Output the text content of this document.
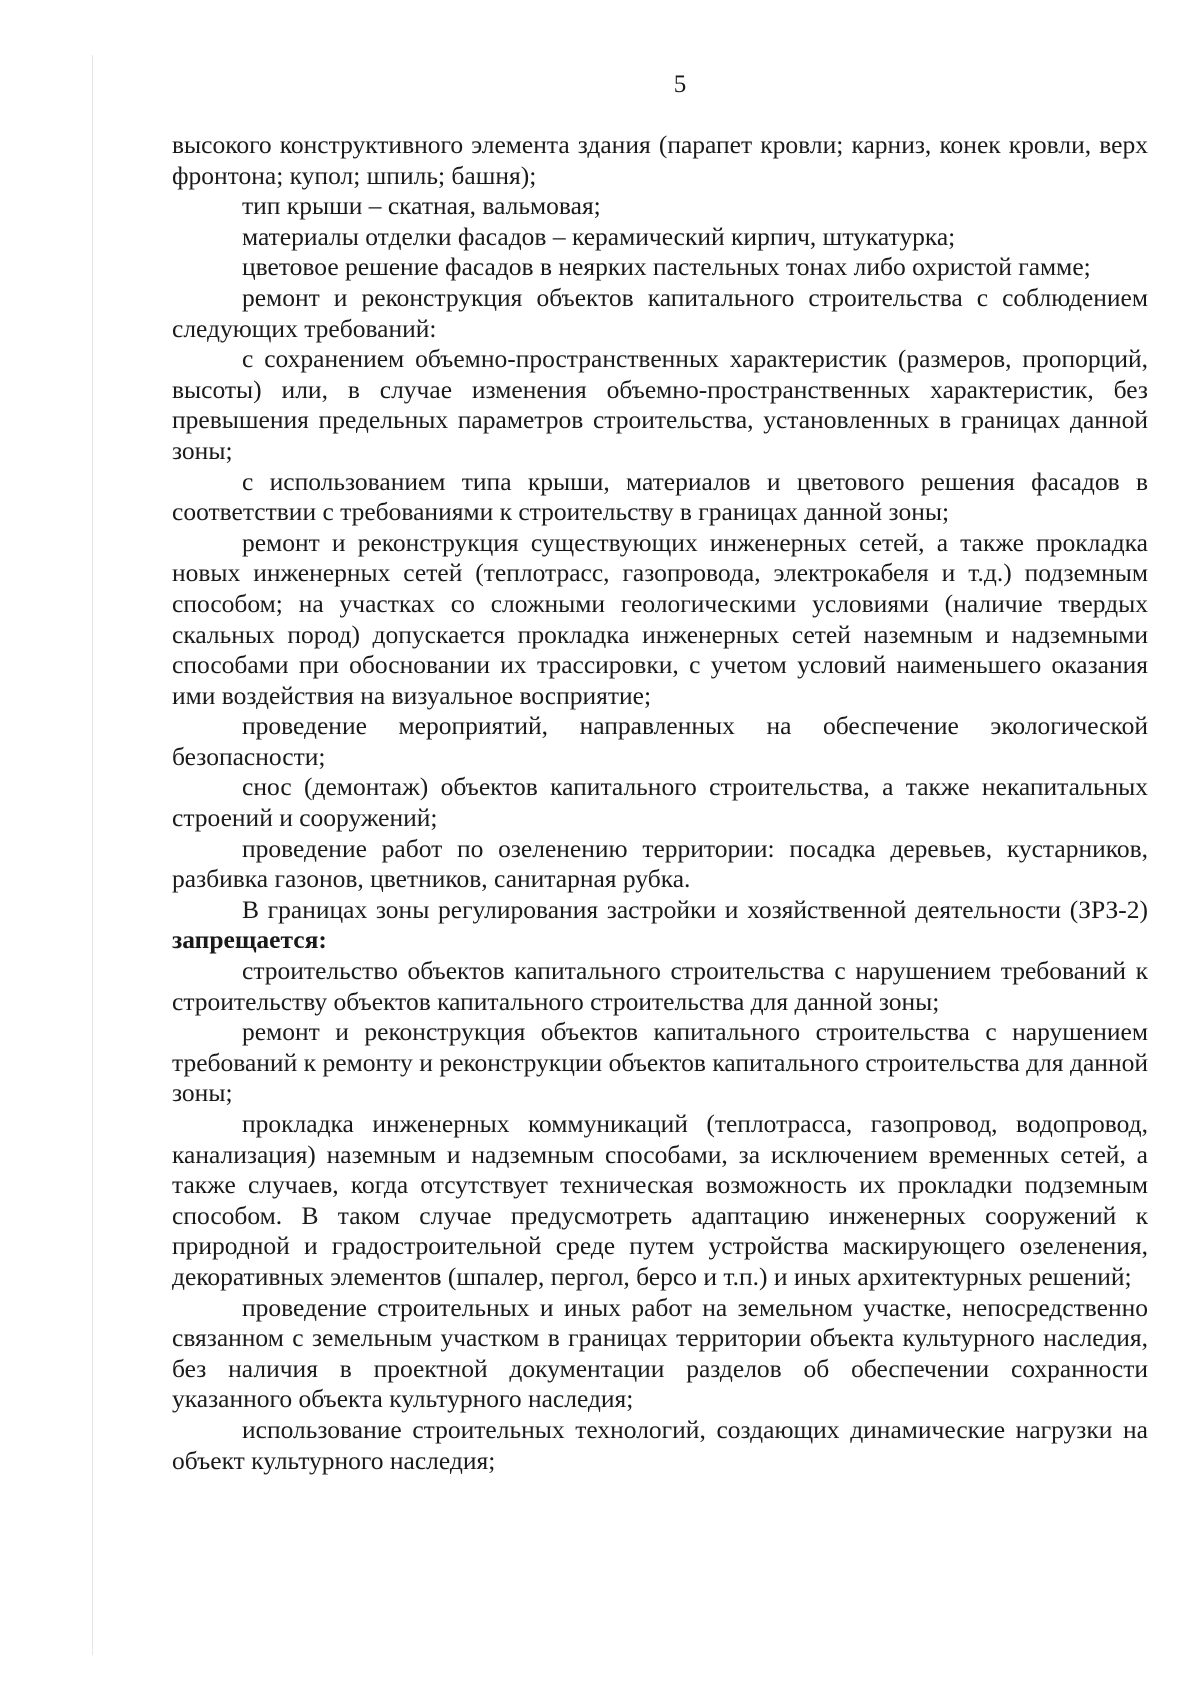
5

высокого конструктивного элемента здания (парапет кровли; карниз, конек кровли, верх фронтона; купол; шпиль; башня);

тип крыши – скатная, вальмовая;

материалы отделки фасадов – керамический кирпич, штукатурка;

цветовое решение фасадов в неярких пастельных тонах либо охристой гамме;

ремонт и реконструкция объектов капитального строительства с соблюдением следующих требований:

с сохранением объемно-пространственных характеристик (размеров, пропорций, высоты) или, в случае изменения объемно-пространственных характеристик, без превышения предельных параметров строительства, установленных в границах данной зоны;

с использованием типа крыши, материалов и цветового решения фасадов в соответствии с требованиями к строительству в границах данной зоны;

ремонт и реконструкция существующих инженерных сетей, а также прокладка новых инженерных сетей (теплотрасс, газопровода, электрокабеля и т.д.) подземным способом; на участках со сложными геологическими условиями (наличие твердых скальных пород) допускается прокладка инженерных сетей наземным и надземными способами при обосновании их трассировки, с учетом условий наименьшего оказания ими воздействия на визуальное восприятие;

проведение мероприятий, направленных на обеспечение экологической безопасности;

снос (демонтаж) объектов капитального строительства, а также некапитальных строений и сооружений;

проведение работ по озеленению территории: посадка деревьев, кустарников, разбивка газонов, цветников, санитарная рубка.

В границах зоны регулирования застройки и хозяйственной деятельности (ЗРЗ-2) запрещается:

строительство объектов капитального строительства с нарушением требований к строительству объектов капитального строительства для данной зоны;

ремонт и реконструкция объектов капитального строительства с нарушением требований к ремонту и реконструкции объектов капитального строительства для данной зоны;

прокладка инженерных коммуникаций (теплотрасса, газопровод, водопровод, канализация) наземным и надземным способами, за исключением временных сетей, а также случаев, когда отсутствует техническая возможность их прокладки подземным способом. В таком случае предусмотреть адаптацию инженерных сооружений к природной и градостроительной среде путем устройства маскирующего озеленения, декоративных элементов (шпалер, пергол, берсо и т.п.) и иных архитектурных решений;

проведение строительных и иных работ на земельном участке, непосредственно связанном с земельным участком в границах территории объекта культурного наследия, без наличия в проектной документации разделов об обеспечении сохранности указанного объекта культурного наследия;

использование строительных технологий, создающих динамические нагрузки на объект культурного наследия;
